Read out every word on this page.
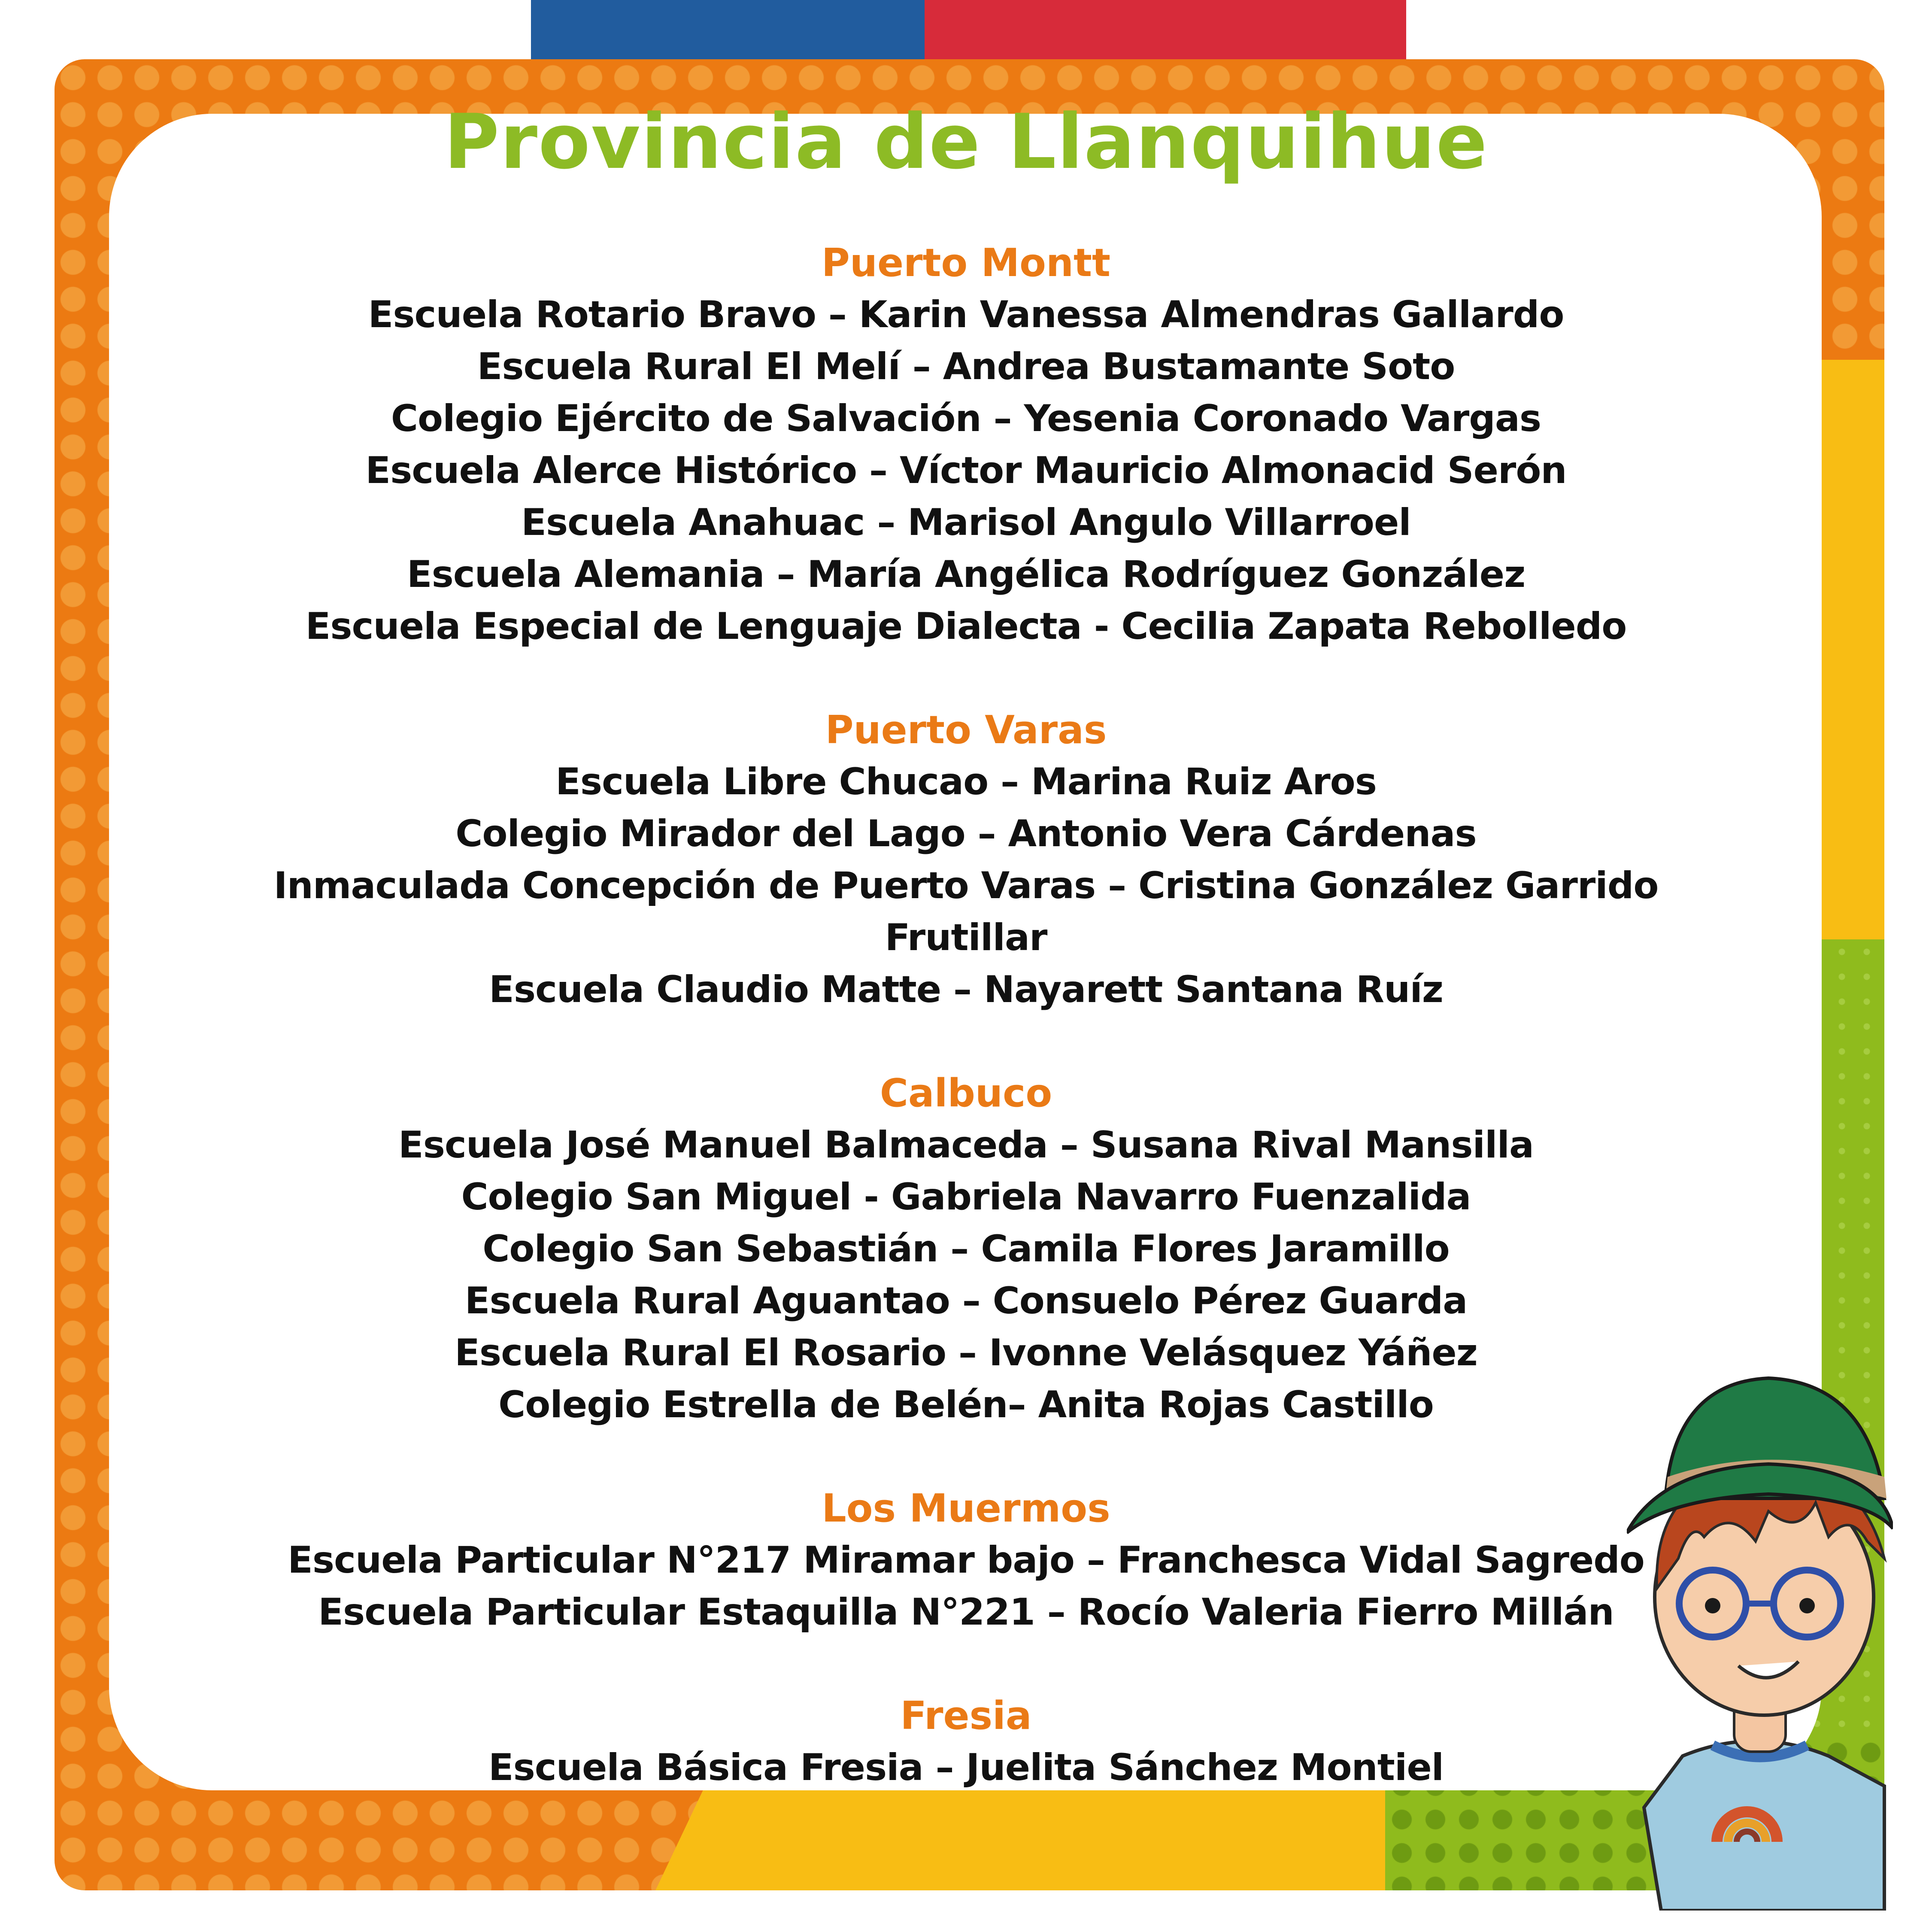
Provincia de Llanquihue
Puerto Montt
Escuela Rotario Bravo – Karin Vanessa Almendras Gallardo
Escuela Rural El Melí – Andrea Bustamante Soto
Colegio Ejército de Salvación – Yesenia Coronado Vargas
Escuela Alerce Histórico – Víctor Mauricio Almonacid Serón
Escuela Anahuac – Marisol Angulo Villarroel
Escuela Alemania – María Angélica Rodríguez González
Escuela Especial de Lenguaje Dialecta - Cecilia Zapata Rebolledo
Puerto Varas
Escuela Libre Chucao – Marina Ruiz Aros
Colegio Mirador del Lago – Antonio Vera Cárdenas
Inmaculada Concepción de Puerto Varas – Cristina González Garrido
Frutillar
Escuela Claudio Matte – Nayarett Santana Ruíz
Calbuco
Escuela José Manuel Balmaceda – Susana Rival Mansilla
Colegio San Miguel - Gabriela Navarro Fuenzalida
Colegio San Sebastián – Camila Flores Jaramillo
Escuela Rural Aguantao – Consuelo Pérez Guarda
Escuela Rural El Rosario – Ivonne Velásquez Yáñez
Colegio Estrella de Belén– Anita Rojas Castillo
Los Muermos
Escuela Particular N°217 Miramar bajo – Franchesca Vidal Sagredo
Escuela Particular Estaquilla N°221 – Rocío Valeria Fierro Millán
Fresia
Escuela Básica Fresia – Juelita Sánchez Montiel
